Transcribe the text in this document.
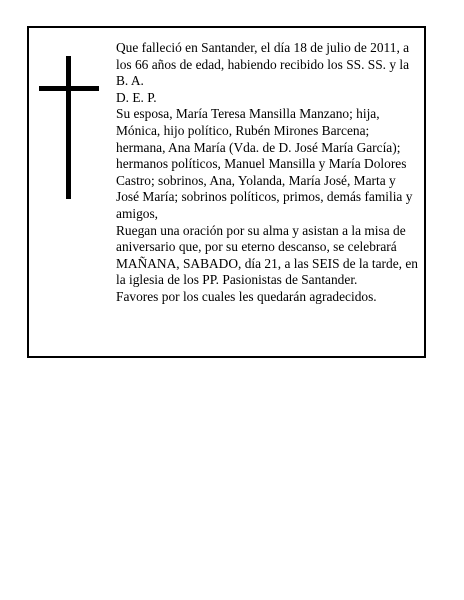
Que falleció en Santander, el día 18 de julio de 2011, a los 66 años de edad, habiendo recibido los SS. SS. y la B. A.

D. E. P.

Su esposa, María Teresa Mansilla Manzano; hija, Mónica, hijo político, Rubén Mirones Barcena; hermana, Ana María (Vda. de D. José María García); hermanos políticos, Manuel Mansilla y María Dolores Castro; sobrinos, Ana, Yolanda, María José, Marta y José María; sobrinos políticos, primos, demás familia y amigos,

Ruegan una oración por su alma y asistan a la misa de aniversario que, por su eterno descanso, se celebrará MAÑANA, SABADO, día 21, a las SEIS de la tarde, en la iglesia de los PP. Pasionistas de Santander.

Favores por los cuales les quedarán agradecidos.
